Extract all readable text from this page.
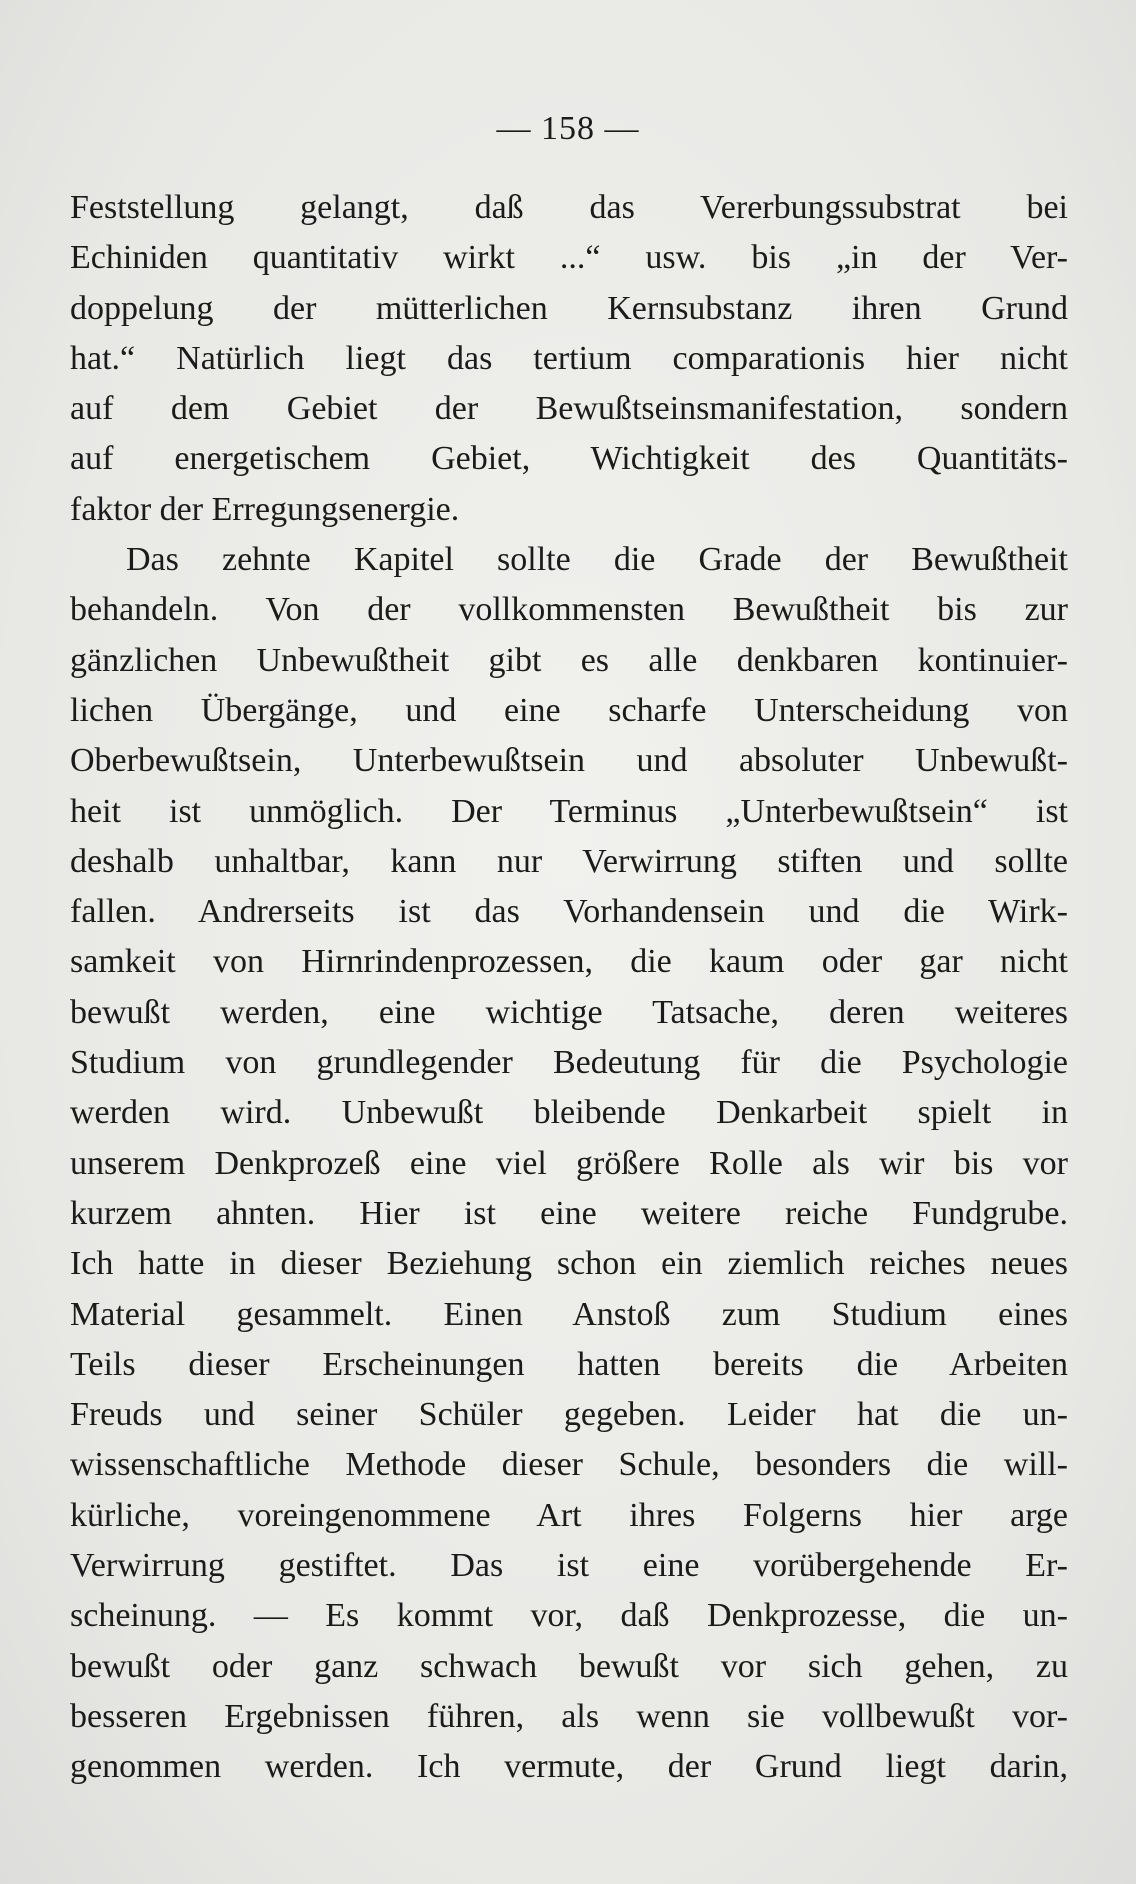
— 158 —
Feststellung gelangt, daß das Vererbungssubstrat bei
Echiniden quantitativ wirkt ...“ usw. bis „in der Ver-
doppelung der mütterlichen Kernsubstanz ihren Grund
hat.“ Natürlich liegt das tertium comparationis hier nicht
auf dem Gebiet der Bewußtseinsmanifestation, sondern
auf energetischem Gebiet, Wichtigkeit des Quantitäts-
faktor der Erregungsenergie.
Das zehnte Kapitel sollte die Grade der Bewußtheit
behandeln. Von der vollkommensten Bewußtheit bis zur
gänzlichen Unbewußtheit gibt es alle denkbaren kontinuier-
lichen Übergänge, und eine scharfe Unterscheidung von
Oberbewußtsein, Unterbewußtsein und absoluter Unbewußt-
heit ist unmöglich. Der Terminus „Unterbewußtsein“ ist
deshalb unhaltbar, kann nur Verwirrung stiften und sollte
fallen. Andrerseits ist das Vorhandensein und die Wirk-
samkeit von Hirnrindenprozessen, die kaum oder gar nicht
bewußt werden, eine wichtige Tatsache, deren weiteres
Studium von grundlegender Bedeutung für die Psychologie
werden wird. Unbewußt bleibende Denkarbeit spielt in
unserem Denkprozeß eine viel größere Rolle als wir bis vor
kurzem ahnten. Hier ist eine weitere reiche Fundgrube.
Ich hatte in dieser Beziehung schon ein ziemlich reiches neues
Material gesammelt. Einen Anstoß zum Studium eines
Teils dieser Erscheinungen hatten bereits die Arbeiten
Freuds und seiner Schüler gegeben. Leider hat die un-
wissenschaftliche Methode dieser Schule, besonders die will-
kürliche, voreingenommene Art ihres Folgerns hier arge
Verwirrung gestiftet. Das ist eine vorübergehende Er-
scheinung. — Es kommt vor, daß Denkprozesse, die un-
bewußt oder ganz schwach bewußt vor sich gehen, zu
besseren Ergebnissen führen, als wenn sie vollbewußt vor-
genommen werden. Ich vermute, der Grund liegt darin,
